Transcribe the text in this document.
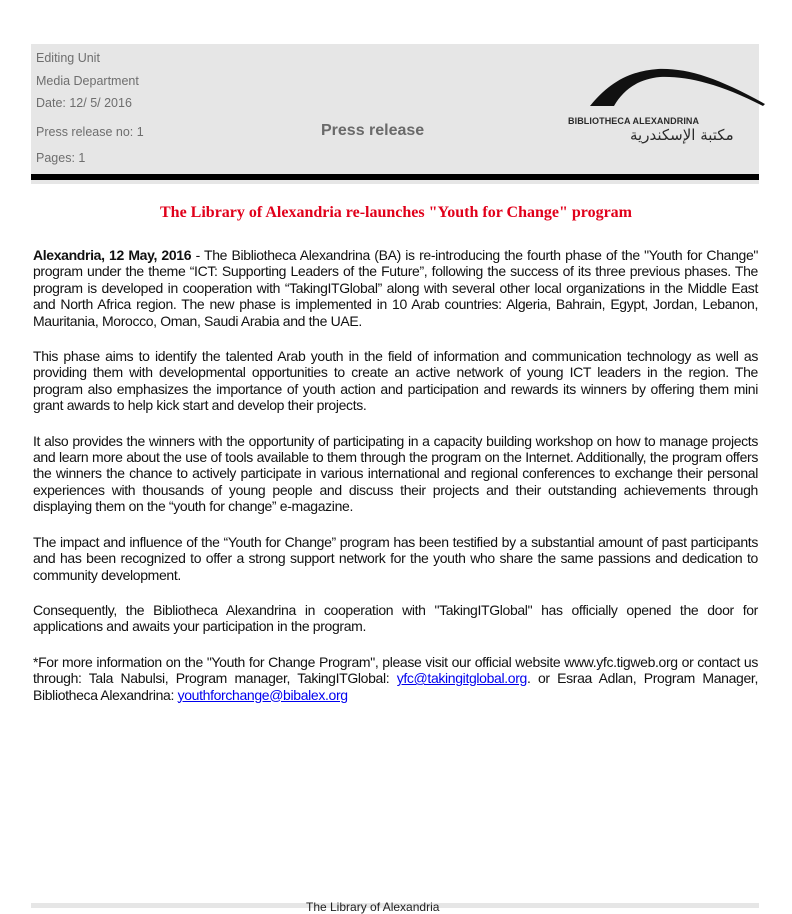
Editing Unit
Media Department
Date: 12/ 5/ 2016
Press release no: 1
Pages: 1
Press release
BIBLIOTHECA ALEXANDRINA
مكتبة الإسكندرية
The Library of Alexandria re-launches "Youth for Change" program

Alexandria, 12 May, 2016 - The Bibliotheca Alexandrina (BA) is re-introducing the fourth phase of the "Youth for Change" program under the theme “ICT: Supporting Leaders of the Future”, following the success of its three previous phases. The program is developed in cooperation with “TakingITGlobal” along with several other local organizations in the Middle East and North Africa region. The new phase is implemented in 10 Arab countries: Algeria, Bahrain, Egypt, Jordan, Lebanon, Mauritania, Morocco, Oman, Saudi Arabia and the UAE.

This phase aims to identify the talented Arab youth in the field of information and communication technology as well as providing them with developmental opportunities to create an active network of young ICT leaders in the region. The program also emphasizes the importance of youth action and participation and rewards its winners by offering them mini grant awards to help kick start and develop their projects.

It also provides the winners with the opportunity of participating in a capacity building workshop on how to manage projects and learn more about the use of tools available to them through the program on the Internet. Additionally, the program offers the winners the chance to actively participate in various international and regional conferences to exchange their personal experiences with thousands of young people and discuss their projects and their outstanding achievements through displaying them on the “youth for change” e-magazine.

The impact and influence of the “Youth for Change” program has been testified by a substantial amount of past participants and has been recognized to offer a strong support network for the youth who share the same passions and dedication to community development.

Consequently, the Bibliotheca Alexandrina in cooperation with "TakingITGlobal" has officially opened the door for applications and awaits your participation in the program.

*For more information on the "Youth for Change Program", please visit our official website www.yfc.tigweb.org or contact us through: Tala Nabulsi, Program manager, TakingITGlobal: yfc@takingitglobal.org. or Esraa Adlan, Program Manager, Bibliotheca Alexandrina: youthforchange@bibalex.org

The Library of Alexandria
